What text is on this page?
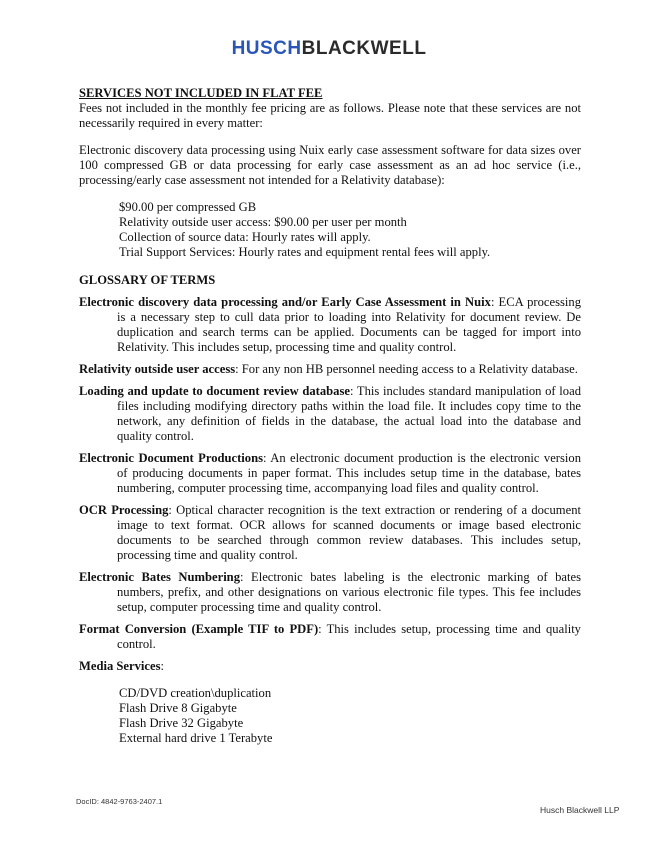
HUSCHBLACKWELL
SERVICES NOT INCLUDED IN FLAT FEE

Fees not included in the monthly fee pricing are as follows. Please note that these services are not necessarily required in every matter:

Electronic discovery data processing using Nuix early case assessment software for data sizes over 100 compressed GB or data processing for early case assessment as an ad hoc service (i.e., processing/early case assessment not intended for a Relativity database):

$90.00 per compressed GB
Relativity outside user access: $90.00 per user per month
Collection of source data: Hourly rates will apply.
Trial Support Services: Hourly rates and equipment rental fees will apply.
GLOSSARY OF TERMS
Electronic discovery data processing and/or Early Case Assessment in Nuix: ECA processing is a necessary step to cull data prior to loading into Relativity for document review. De duplication and search terms can be applied. Documents can be tagged for import into Relativity. This includes setup, processing time and quality control.
Relativity outside user access: For any non HB personnel needing access to a Relativity database.
Loading and update to document review database: This includes standard manipulation of load files including modifying directory paths within the load file. It includes copy time to the network, any definition of fields in the database, the actual load into the database and quality control.
Electronic Document Productions: An electronic document production is the electronic version of producing documents in paper format. This includes setup time in the database, bates numbering, computer processing time, accompanying load files and quality control.
OCR Processing: Optical character recognition is the text extraction or rendering of a document image to text format. OCR allows for scanned documents or image based electronic documents to be searched through common review databases. This includes setup, processing time and quality control.
Electronic Bates Numbering: Electronic bates labeling is the electronic marking of bates numbers, prefix, and other designations on various electronic file types. This fee includes setup, computer processing time and quality control.
Format Conversion (Example TIF to PDF): This includes setup, processing time and quality control.
Media Services:
CD/DVD creation\duplication
Flash Drive 8 Gigabyte
Flash Drive 32 Gigabyte
External hard drive 1 Terabyte
DocID: 4842-9763-2407.1
Husch Blackwell LLP
